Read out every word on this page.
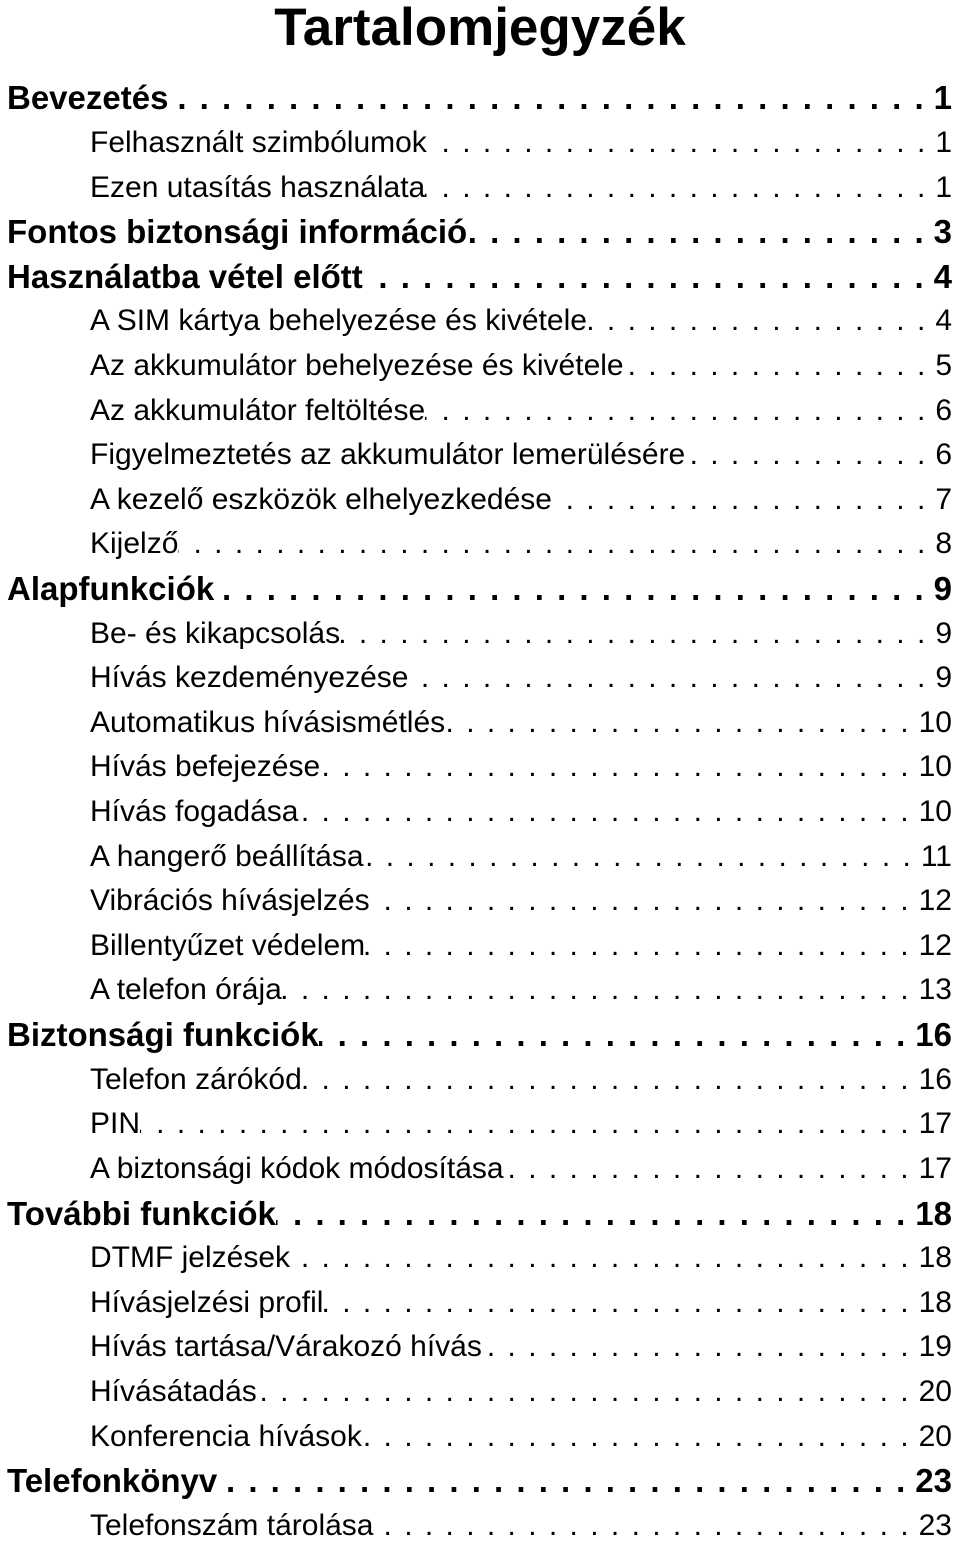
Tartalomjegyzék
Bevezetés . . .	1
Felhasznált szimbólumok . . .	1
Ezen utasítás használata . . .	1
Fontos biztonsági információ . . .	3
Használatba vétel előtt . . .	4
A SIM kártya behelyezése és kivétele . . .	4
Az akkumulátor behelyezése és kivétele . . .	5
Az akkumulátor feltöltése . . .	6
Figyelmeztetés az akkumulátor lemerülésére . . .	6
A kezelő eszközök elhelyezkedése . . .	7
Kijelző . . .	8
Alapfunkciók . . .	9
Be- és kikapcsolás . . .	9
Hívás kezdeményezése . . .	9
Automatikus hívásismétlés . . .	10
Hívás befejezése . . .	10
Hívás fogadása . . .	10
A hangerő beállítása . . .	11
Vibrációs hívásjelzés . . .	12
Billentyűzet védelem . . .	12
A telefon órája . . .	13
Biztonsági funkciók . . .	16
Telefon zárókód . . .	16
PIN . . .	17
A biztonsági kódok módosítása . . .	17
További funkciók . . .	18
DTMF jelzések . . .	18
Hívásjelzési profil . . .	18
Hívás tartása/Várakozó hívás . . .	19
Hívásátadás . . .	20
Konferencia hívások . . .	20
Telefonkönyv . . .	23
Telefonszám tárolása . . .	23
